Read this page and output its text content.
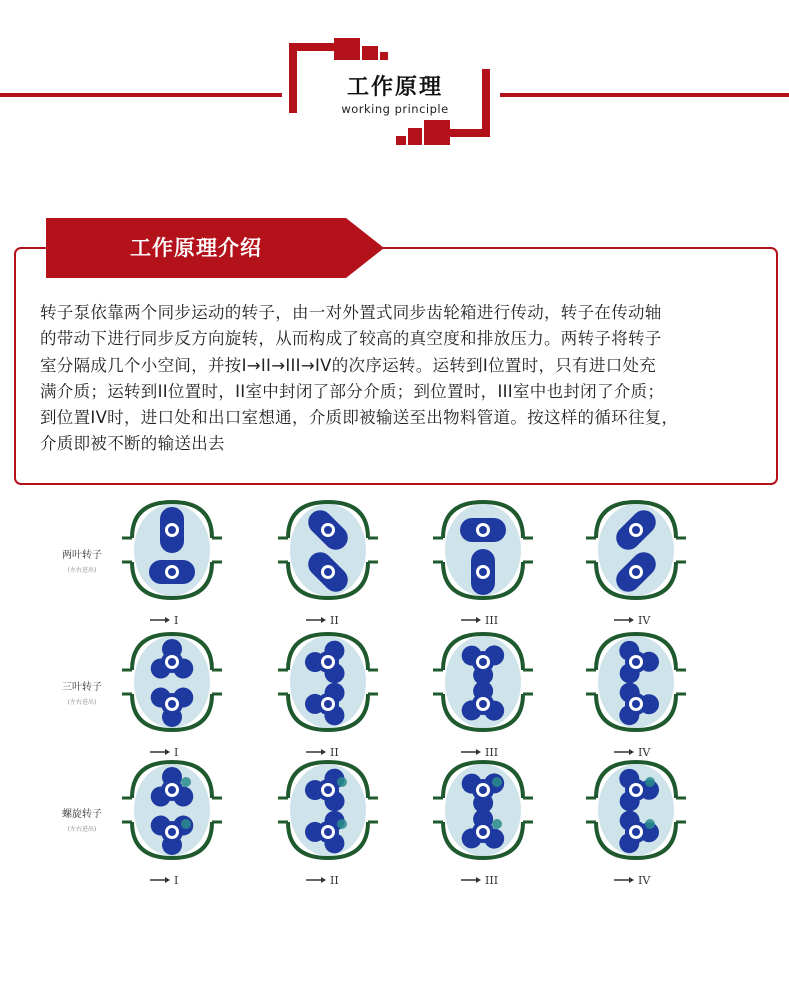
工作原理
working principle
工作原理介绍
转子泵依靠两个同步运动的转子，由一对外置式同步齿轮箱进行传动，转子在传动轴
的带动下进行同步反方向旋转，从而构成了较高的真空度和排放压力。两转子将转子
室分隔成几个小空间，并按I→II→III→IV的次序运转。运转到I位置时，只有进口处充
满介质；运转到II位置时，II室中封闭了部分介质；到位置时，III室中也封闭了介质；
到位置IV时，进口处和出口室想通，介质即被输送至出物料管道。按这样的循环往复，
介质即被不断的输送出去
两叶转子
(左右进出)
三叶转子
(左右进出)
螺旋转子
(左右进出)
I	II	III	IV
I	II	III	IV
I	II	III	IV
